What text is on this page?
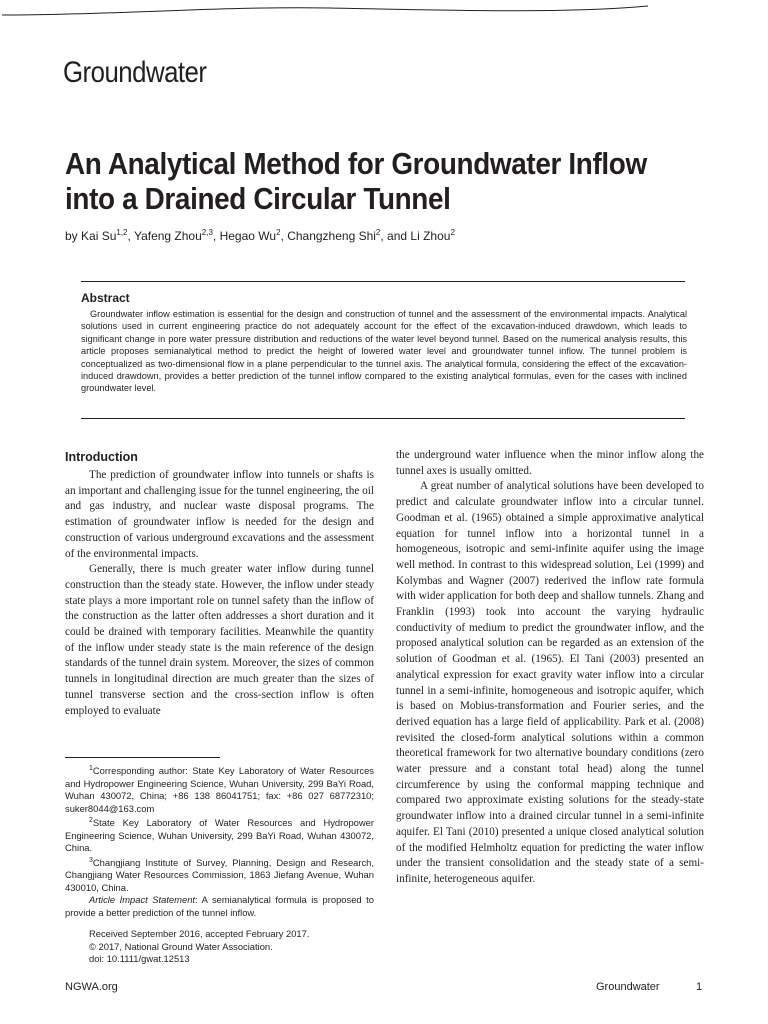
Groundwater
An Analytical Method for Groundwater Inflow
into a Drained Circular Tunnel
by Kai Su$^{1,2}$, Yafeng Zhou$^{2,3}$, Hegao Wu$^2$, Changzheng Shi$^2$, and Li Zhou$^2$
Abstract
Groundwater inflow estimation is essential for the design and construction of tunnel and the assessment of the environmental impacts. Analytical solutions used in current engineering practice do not adequately account for the effect of the excavation-induced drawdown, which leads to significant change in pore water pressure distribution and reductions of the water level beyond tunnel. Based on the numerical analysis results, this article proposes semianalytical method to predict the height of lowered water level and groundwater tunnel inflow. The tunnel problem is conceptualized as two-dimensional flow in a plane perpendicular to the tunnel axis. The analytical formula, considering the effect of the excavation-induced drawdown, provides a better prediction of the tunnel inflow compared to the existing analytical formulas, even for the cases with inclined groundwater level.
Introduction

The prediction of groundwater inflow into tunnels or shafts is an important and challenging issue for the tunnel engineering, the oil and gas industry, and nuclear waste disposal programs. The estimation of groundwater inflow is needed for the design and construction of various underground excavations and the assessment of the environmental impacts.

Generally, there is much greater water inflow during tunnel construction than the steady state. However, the inflow under steady state plays a more important role on tunnel safety than the inflow of the construction as the latter often addresses a short duration and it could be drained with temporary facilities. Meanwhile the quantity of the inflow under steady state is the main reference of the design standards of the tunnel drain system. Moreover, the sizes of common tunnels in longitudinal direction are much greater than the sizes of tunnel transverse section and the cross-section inflow is often employed to evaluate

the underground water influence when the minor inflow along the tunnel axes is usually omitted.

A great number of analytical solutions have been developed to predict and calculate groundwater inflow into a circular tunnel. Goodman et al. (1965) obtained a simple approximative analytical equation for tunnel inflow into a horizontal tunnel in a homogeneous, isotropic and semi-infinite aquifer using the image well method. In contrast to this widespread solution, Lei (1999) and Kolymbas and Wagner (2007) rederived the inflow rate formula with wider application for both deep and shallow tunnels. Zhang and Franklin (1993) took into account the varying hydraulic conductivity of medium to predict the groundwater inflow, and the proposed analytical solution can be regarded as an extension of the solution of Goodman et al. (1965). El Tani (2003) presented an analytical expression for exact gravity water inflow into a circular tunnel in a semi-infinite, homogeneous and isotropic aquifer, which is based on Mobius-transformation and Fourier series, and the derived equation has a large field of applicability. Park et al. (2008) revisited the closed-form analytical solutions within a common theoretical framework for two alternative boundary conditions (zero water pressure and a constant total head) along the tunnel circumference by using the conformal mapping technique and compared two approximate existing solutions for the steady-state groundwater inflow into a drained circular tunnel in a semi-infinite aquifer. El Tani (2010) presented a unique closed analytical solution of the modified Helmholtz equation for predicting the water inflow under the transient consolidation and the steady state of a semi-infinite, heterogeneous aquifer.

$^1$Corresponding author: State Key Laboratory of Water Resources and Hydropower Engineering Science, Wuhan University, 299 BaYi Road, Wuhan 430072, China; +86 138 86041751; fax: +86 027 68772310; suker8044@163.com

$^2$State Key Laboratory of Water Resources and Hydropower Engineering Science, Wuhan University, 299 BaYi Road, Wuhan 430072, China.

$^3$Changjiang Institute of Survey, Planning, Design and Research, Changjiang Water Resources Commission, 1863 Jiefang Avenue, Wuhan 430010, China.

Article Impact Statement: A semianalytical formula is proposed to provide a better prediction of the tunnel inflow.

Received September 2016, accepted February 2017.
© 2017, National Ground Water Association.
doi: 10.1111/gwat.12513
NGWA.org	Groundwater	1
